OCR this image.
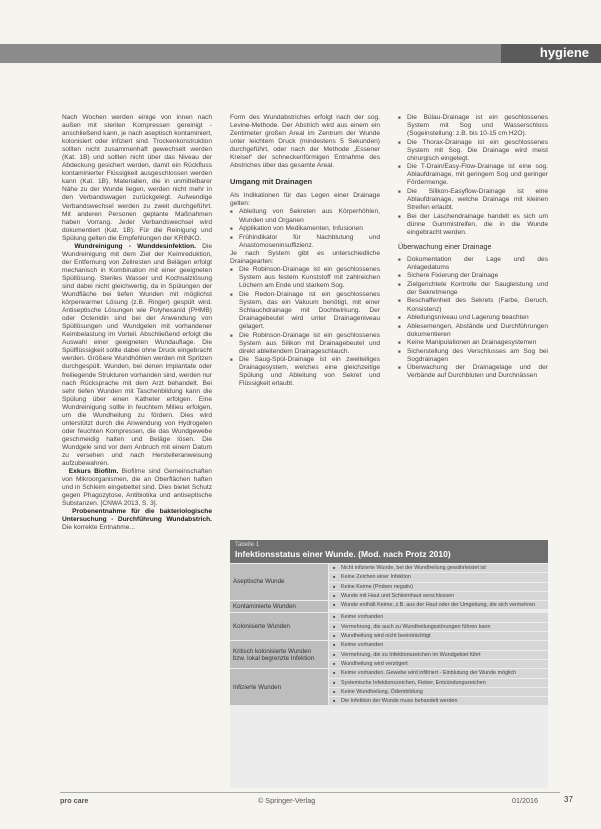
hygiene

Nach Wochen werden einige von innen nach außen mit sterilen Kompressen gereinigt - anschließend kann, je nach aseptisch kontaminiert, kolonisiert oder infiziert sind. Trockenkonstruktion sollten nicht zusammenhaft gewechselt werden (Kat. 1B) und sollten nicht über das Niveau der Abdeckung gesichert werden, damit ein Rückfluss kontaminierter Flüssigkeit ausgeschlossen werden kann (Kat. 1B). Materialien, die in unmittelbarer Nähe zu der Wunde liegen, werden nicht mehr in den Verbandswagen zurückgelegt. Aufwendige Verbandswechsel werden zu zweit durchgeführt. Mit anderen Personen geplante Maßnahmen haben Vorrang. Jeder Verbandswechsel wird dokumentiert (Kat. 1B). Für die Reinigung und Spülung gelten die Empfehlungen der KRINKO.

Wundreinigung - Wunddesinfektion. Die Wundreinigung mit dem Ziel der Keimreduktion, der Entfernung von Zellresten und Belägen erfolgt mechanisch in Kombination mit einer geeigneten Spüllösung. Steriles Wasser und Kochsalzlösung sind dabei nicht gleichwertig, da in Spülungen der Wundfläche bei tiefen Wunden mit möglichst körperwarmer Lösung (z.B. Ringer) gespült wird. Antiseptische Lösungen wie Polyhexanid (PHMB) oder Octenidin sind bei der Anwendung von Spüllösungen und Wundgelen mit vorhandener Keimbelastung im Vorteil. Abschließend erfolgt die Auswahl einer geeigneten Wundauflage. Die Spülflüssigkeit sollte dabei ohne Druck eingebracht werden. Größere Wundhöhlen werden mit Spritzen durchgespült. Wunden, bei denen Implantate oder freiliegende Strukturen vorhanden sind, werden nur nach Rücksprache mit dem Arzt behandelt. Bei sehr tiefen Wunden mit Taschenbildung kann die Spülung über einen Katheter erfolgen. Eine Wundreinigung sollte in feuchtem Milieu erfolgen, um die Wundheilung zu fördern. Dies wird unterstützt durch die Anwendung von Hydrogelen oder feuchten Kompressen, die das Wundgewebe geschmeidig halten und Beläge lösen. Die Wundgele sind vor dem Anbruch mit einem Datum zu versehen und nach Herstelleranweisung aufzubewahren.

Exkurs Biofilm. Biofilme sind Gemeinschaften von Mikroorganismen, die an Oberflächen haften und in Schleim eingebettet sind. Dies bietet Schutz gegen Phagozytose, Antibiotika und antiseptische Substanzen. [CNWA 2013, S. 3].

Probenentnahme für die bakteriologische Untersuchung - Durchführung Wundabstrich. Die korrekte Entnahme...

Form des Wundabstriches erfolgt nach der sog. Levine-Methode. Der Abstrich wird aus einem ein Zentimeter großen Areal im Zentrum der Wunde unter leichtem Druck (mindestens 5 Sekunden) durchgeführt, oder nach der Methode „Essener Kreisel“ der schneckenförmigen Entnahme des Abstriches über das gesamte Areal.

Umgang mit Drainagen

Als Indikationen für das Legen einer Drainage gelten:

■ Ableitung von Sekreten aus Körperhöhlen, Wunden und Organen
■ Applikation von Medikamenten, Infusionen
■ Frühindikator für Nachblutung und Anastomoseninsuffizienz.

Je nach System gibt es unterschiedliche Drainagearten:

■ Die Robinson-Drainage ist ein geschlossenes System aus festem Kunststoff mit zahlreichen Löchern am Ende und starkem Sog.
■ Die Redon-Drainage ist ein geschlossenes System, das ein Vakuum benötigt, mit einer Schlauchdrainage mit Dochtwirkung. Der Drainagebeutel wird unter Drainageniveau gelagert.
■ Die Robinson-Drainage ist ein geschlossenes System aus Silikon mit Drainagebeutel und direkt ableitendem Drainageschlauch.
■ Die Saug-Spül-Drainage ist ein zweiteiliges Drainagesystem, welches eine gleichzeitige Spülung und Ableitung von Sekret und Flüssigkeit erlaubt.
■ Die Bülau-Drainage ist ein geschlossenes System mit Sog und Wasserschloss (Sogeinstellung: z.B. bis 10-15 cm H2O).
■ Die Thorax-Drainage ist ein geschlossenes System mit Sog. Die Drainage wird meist chirurgisch eingelegt.
■ Die T-Drain/Easy-Flow-Drainage ist eine sog. Ablaufdrainage, mit geringem Sog und geringer Fördermenge.
■ Die Silikon-Easyflow-Drainage ist eine Ablaufdrainage, welche Drainage mit kleinen Streifen erlaubt.
■ Bei der Laschendrainage handelt es sich um dünne Gummistreifen, die in die Wunde eingebracht werden.

Überwachung einer Drainage

■ Dokumentation der Lage und des Anlagedatums
■ Sichere Fixierung der Drainage
■ Zielgerichtete Kontrolle der Saugleistung und der Sekretmenge
■ Beschaffenheit des Sekrets (Farbe, Geruch, Konsistenz)
■ Ableitungsniveau und Lagerung beachten
■ Ablesemengen, Abstände und Durchführungen dokumentieren
■ Keine Manipulationen an Drainagesystemen
■ Sicherstellung des Verschlusses am Sog bei Sogdrainagen
■ Überwachung der Drainagelage und der Verbände auf Durchbluten und Durchnässen
Tabelle 1
Infektionsstatus einer Wunde. (Mod. nach Protz 2010)
Aseptische Wunde
■ Nicht infizierte Wunde, bei der Wundheilung gewährleistet ist
■ Keine Zeichen einer Infektion
■ Keine Keime (Proben negativ)
■ Wunde mit Haut und Schleimhaut verschlossen
Kontaminierte Wunden
■	Wunde enthält Keime, z.B. aus der Haut oder der Umgebung, die sich vermehren
Kolonisierte Wunden
■ Keime vorhanden
■ Vermehrung, die auch zu Wundheilungsstörungen führen kann
■ Wundheilung wird nicht beeinträchtigt
Kritisch kolonisierte Wunden bzw. lokal begrenzte Infektion
■ Keime vorhanden
■ Vermehrung, die zu Infektionszeichen im Wundgebiet führt
■ Wundheilung wird verzögert
Infizierte Wunden
■ Keime vorhanden, Gewebe wird infiltriert - Einblutung der Wunde möglich
■ Systemische Infektionszeichen, Fieber, Entzündungszeichen
■ Keine Wundheilung, Ödembildung
■ Die Infektion der Wunde muss behandelt werden
pro care	© Springer-Verlag	01/2016	37
